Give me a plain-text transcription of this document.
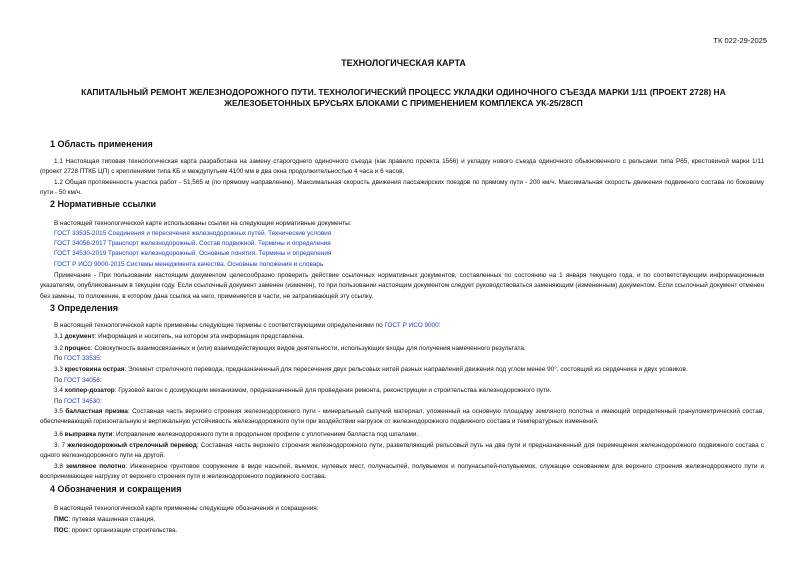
ТК 022-29-2025
ТЕХНОЛОГИЧЕСКАЯ КАРТА
КАПИТАЛЬНЫЙ РЕМОНТ ЖЕЛЕЗНОДОРОЖНОГО ПУТИ. ТЕХНОЛОГИЧЕСКИЙ ПРОЦЕСС УКЛАДКИ ОДИНОЧНОГО СЪЕЗДА МАРКИ 1/11 (ПРОЕКТ 2728) НА ЖЕЛЕЗОБЕТОННЫХ БРУСЬЯХ БЛОКАМИ С ПРИМЕНЕНИЕМ КОМПЛЕКСА УК-25/28СП
1 Область применения
1.1 Настоящая типовая технологическая карта разработана на замену старогоднего одиночного съезда (как правило проекта 1566) и укладку нового съезда одиночного обыкновенного с рельсами типа Р65, крестовиной марки 1/11 (проект 2728 ПТКБ ЦП) с креплениями типа КБ и междупутьем 4100 мм в два окна продолжительностью 4 часа и 6 часов.
1.2 Общая протяженность участка работ - 51,565 м (по прямому направлению). Максимальная скорость движения пассажирских поездов по прямому пути - 200 км/ч. Максимальная скорость движения подвижного состава по боковому пути - 50 км/ч.
2 Нормативные ссылки
В настоящей технологической карте использованы ссылки на следующие нормативные документы:
ГОСТ 33535-2015 Соединения и пересечения железнодорожных путей. Технические условия
ГОСТ 34056-2017 Транспорт железнодорожный. Состав подвижной. Термины и определения
ГОСТ 34530-2019 Транспорт железнодорожный. Основные понятия. Термины и определения
ГОСТ Р ИСО 9000-2015 Системы менеджмента качества. Основные положения и словарь
Примечание - При пользовании настоящим документом целесообразно проверить действие ссылочных нормативных документов, составленных по состоянию на 1 января текущего года, и по соответствующим информационным указателям, опубликованным в текущем году. Если ссылочный документ заменен (изменен), то при пользовании настоящим документом следует руководствоваться заменяющим (измененным) документом. Если ссылочный документ отменен без замены, то положение, в котором дана ссылка на него, применяется в части, не затрагивающей эту ссылку.
3 Определения
В настоящей технологической карте применены следующие термины с соответствующими определениями по ГОСТ Р ИСО 9000:
3.1 документ: Информация и носитель, на котором эта информация представлена.
3.2 процесс: Совокупность взаимосвязанных и (или) взаимодействующих видов деятельности, использующих входы для получения намеченного результата.
По ГОСТ 33535:
3.3 крестовина острая: Элемент стрелочного перевода, предназначенный для пересечения двух рельсовых нитей разных направлений движения под углом менее 90°, состоящий из сердечника и двух усовиков.
По ГОСТ 34056:
3.4 хоппер-дозатор: Грузовой вагон с дозирующим механизмом, предназначенный для проведения ремонта, реконструкции и строительства железнодорожного пути.
По ГОСТ 34530:
3.5 балластная призма: Составная часть верхнего строения железнодорожного пути - минеральный сыпучий материал, уложенный на основную площадку земляного полотна и имеющий определенный гранулометрический состав, обеспечивающий горизонтальную и вертикальную устойчивость железнодорожного пути при воздействии нагрузок от железнодорожного подвижного состава и температурных изменений.
3.6 выправка пути: Исправление железнодорожного пути в продольном профиле с уплотнением балласта под шпалами.
3. 7 железнодорожный стрелочный перевод: Составная часть верхнего строения железнодорожного пути, разветвляющий рельсовый путь на два пути и предназначенный для перемещения железнодорожного подвижного состава с одного железнодорожного пути на другой.
3.8 земляное полотно: Инженерное грунтовое сооружение в виде насыпей, выемок, нулевых мест, полунасыпей, полувыемок и полунасыпей-полувыемок, служащее основанием для верхнего строения железнодорожного пути и воспринимающее нагрузку от верхнего строения пути и железнодорожного подвижного состава.
4 Обозначения и сокращения
В настоящей технологической карте применены следующие обозначения и сокращения:
ПМС: путевая машинная станция.
ПОС: проект организации строительства.
